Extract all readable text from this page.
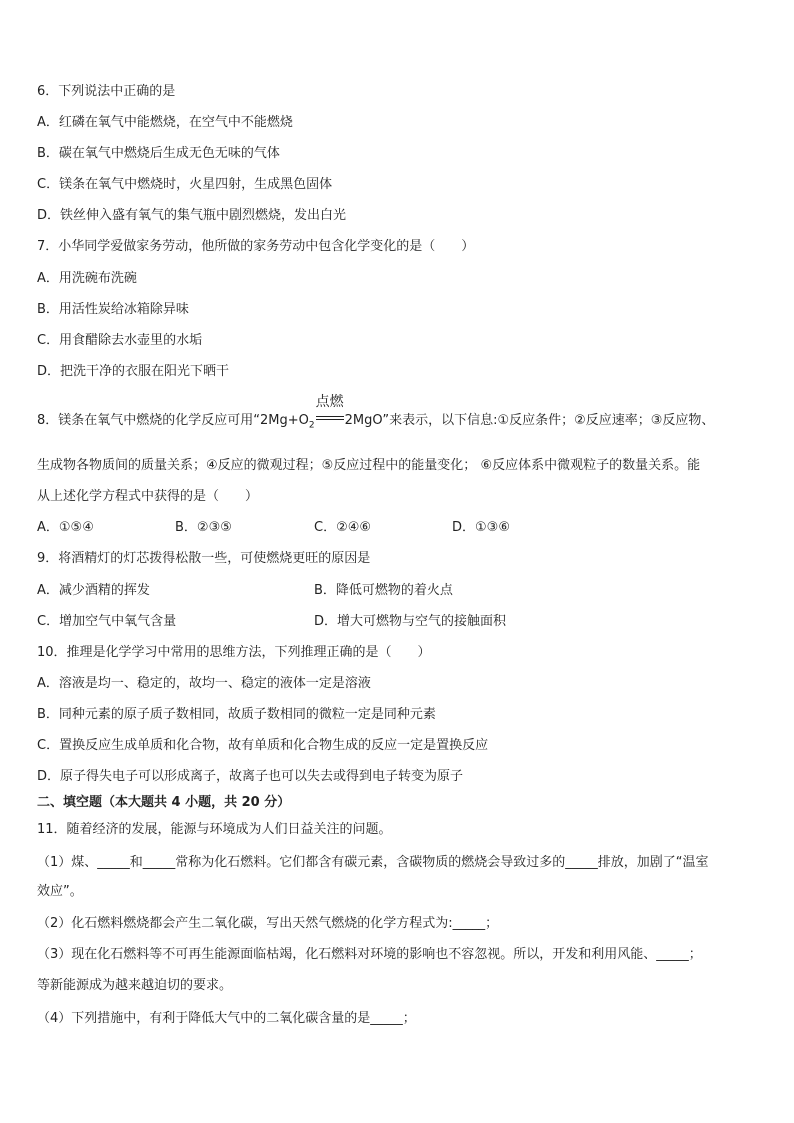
6．下列说法中正确的是
A．红磷在氧气中能燃烧，在空气中不能燃烧
B．碳在氧气中燃烧后生成无色无味的气体
C．镁条在氧气中燃烧时，火星四射，生成黑色固体
D．铁丝伸入盛有氧气的集气瓶中剧烈燃烧，发出白光
7．小华同学爱做家务劳动，他所做的家务劳动中包含化学变化的是（　　）
A．用洗碗布洗碗
B．用活性炭给冰箱除异味
C．用食醋除去水壶里的水垢
D．把洗干净的衣服在阳光下晒干
8．镁条在氧气中燃烧的化学反应可用“$2Mg+O_2$
点燃
2MgO”来表示，以下信息:①反应条件；②反应速率；③反应物、
生成物各物质间的质量关系；④反应的微观过程；⑤反应过程中的能量变化； ⑥反应体系中微观粒子的数量关系。能
从上述化学方程式中获得的是（　　）
A．①⑤④	B．②③⑤	C．②④⑥	D．①③⑥
9．将酒精灯的灯芯拨得松散一些，可使燃烧更旺的原因是
A．减少酒精的挥发	B．降低可燃物的着火点
C．增加空气中氧气含量	D．增大可燃物与空气的接触面积
10．推理是化学学习中常用的思维方法，下列推理正确的是（　　）
A．溶液是均一、稳定的，故均一、稳定的液体一定是溶液
B．同种元素的原子质子数相同，故质子数相同的微粒一定是同种元素
C．置换反应生成单质和化合物，故有单质和化合物生成的反应一定是置换反应
D．原子得失电子可以形成离子，故离子也可以失去或得到电子转变为原子
二、填空题（本大题共 4 小题，共 20 分）
11．随着经济的发展，能源与环境成为人们日益关注的问题。
（1）煤、_____和_____常称为化石燃料。它们都含有碳元素，含碳物质的燃烧会导致过多的_____排放，加剧了“温室
效应”。
（2）化石燃料燃烧都会产生二氧化碳，写出天然气燃烧的化学方程式为:_____；
（3）现在化石燃料等不可再生能源面临枯竭，化石燃料对环境的影响也不容忽视。所以，开发和利用风能、_____；
等新能源成为越来越迫切的要求。
（4）下列措施中，有利于降低大气中的二氧化碳含量的是_____；
